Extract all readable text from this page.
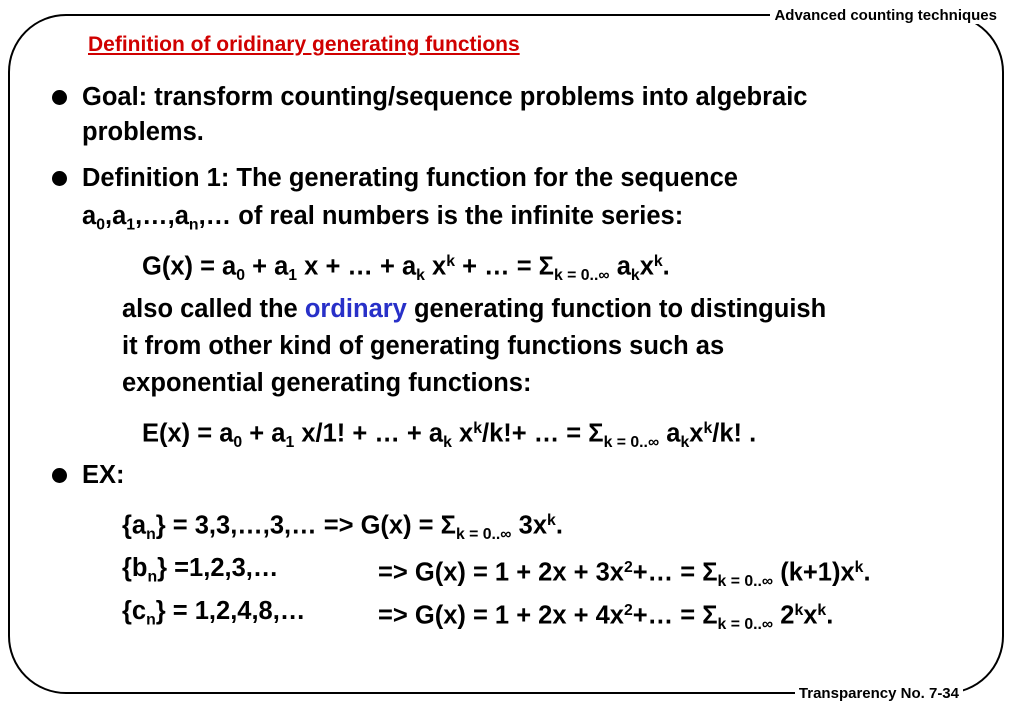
Advanced counting techniques
Definition of oridinary generating functions
Goal: transform counting/sequence problems into algebraic
problems.
Definition 1: The generating function for the sequence
$a_0,a_1,\dots,a_n,\dots$ of real numbers is the infinite series:
$G(x) = a_0 + a_1$ x + … + $a_k$ $x^k$ + … = $\Sigma_{k = 0..\infty}$ $a_kx^k$.
also called the ordinary generating function to distinguish
it from other kind of generating functions such as
exponential generating functions:
$E(x) = a_0 + a_1$ x/1! + … + $a_k$ $x^k/k!+$ … = $\Sigma_{k = 0..\infty}$ $a_kx^k/k$! .
EX:
$\{a_n\}$ = 3,3,…,3,… => $G(x) = \Sigma_{k = 0..\infty}$ $3x^k$.
$\{b_n\}$ =1,2,3,…	=> $G(x) = 1 + 2x + 3x^2+\dots = \Sigma_{k = 0..\infty}$ $(k+1)x^k$.
$\{c_n\}$ = 1,2,4,8,…	=> $G(x) = 1 + 2x + 4x^2+\dots = \Sigma_{k = 0..\infty}$ $2^kx^k$.
Transparency No. 7-34
